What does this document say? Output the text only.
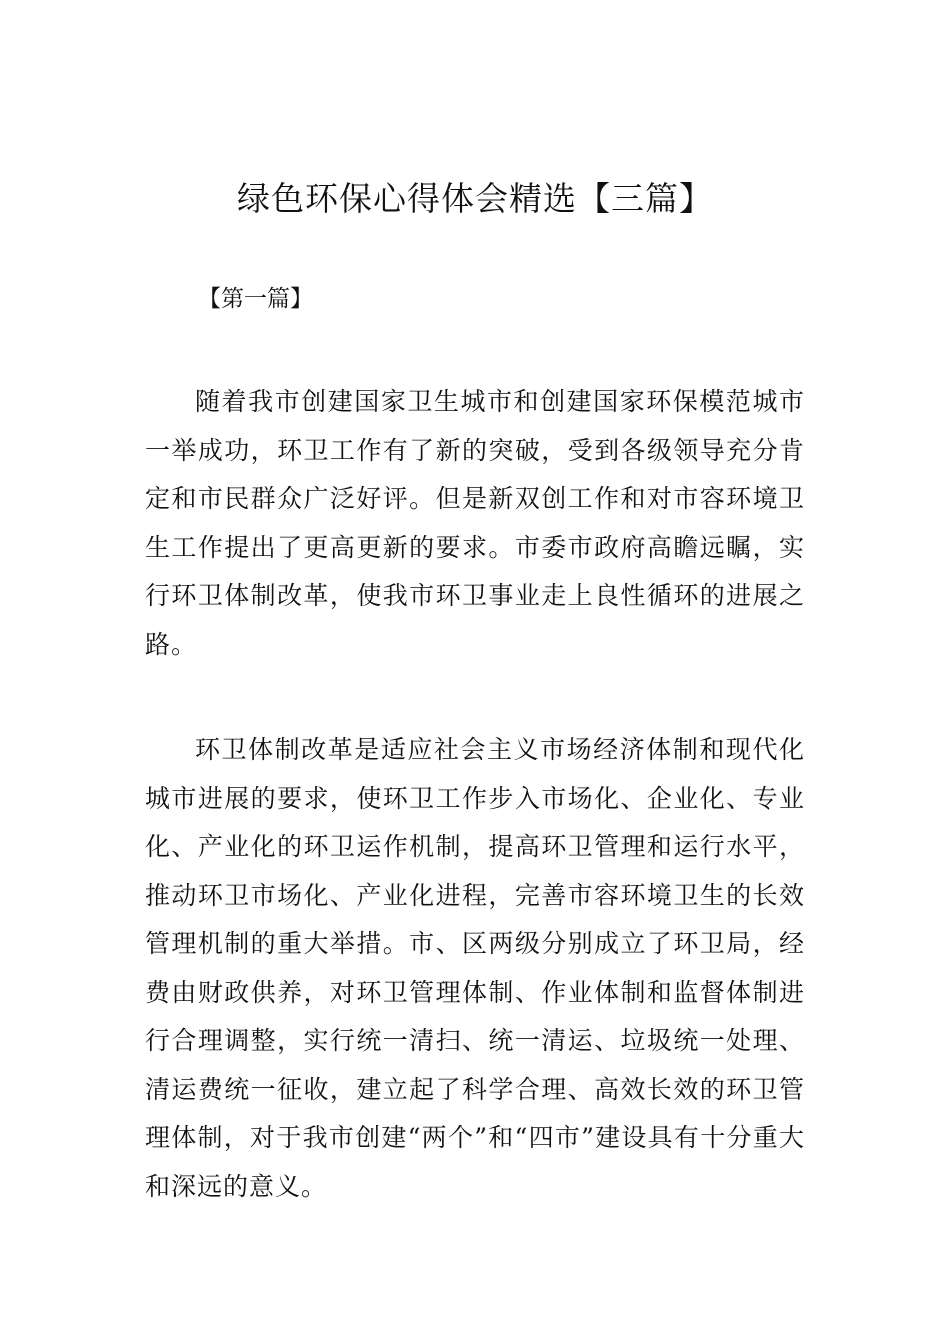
绿色环保心得体会精选【三篇】

【第一篇】

随着我市创建国家卫生城市和创建国家环保模范城市一举成功，环卫工作有了新的突破，受到各级领导充分肯定和市民群众广泛好评。但是新双创工作和对市容环境卫生工作提出了更高更新的要求。市委市政府高瞻远瞩，实行环卫体制改革，使我市环卫事业走上良性循环的进展之路。

环卫体制改革是适应社会主义市场经济体制和现代化城市进展的要求，使环卫工作步入市场化、企业化、专业化、产业化的环卫运作机制，提高环卫管理和运行水平，推动环卫市场化、产业化进程，完善市容环境卫生的长效管理机制的重大举措。市、区两级分别成立了环卫局，经费由财政供养，对环卫管理体制、作业体制和监督体制进行合理调整，实行统一清扫、统一清运、垃圾统一处理、清运费统一征收，建立起了科学合理、高效长效的环卫管理体制，对于我市创建“两个”和“四市”建设具有十分重大和深远的意义。
